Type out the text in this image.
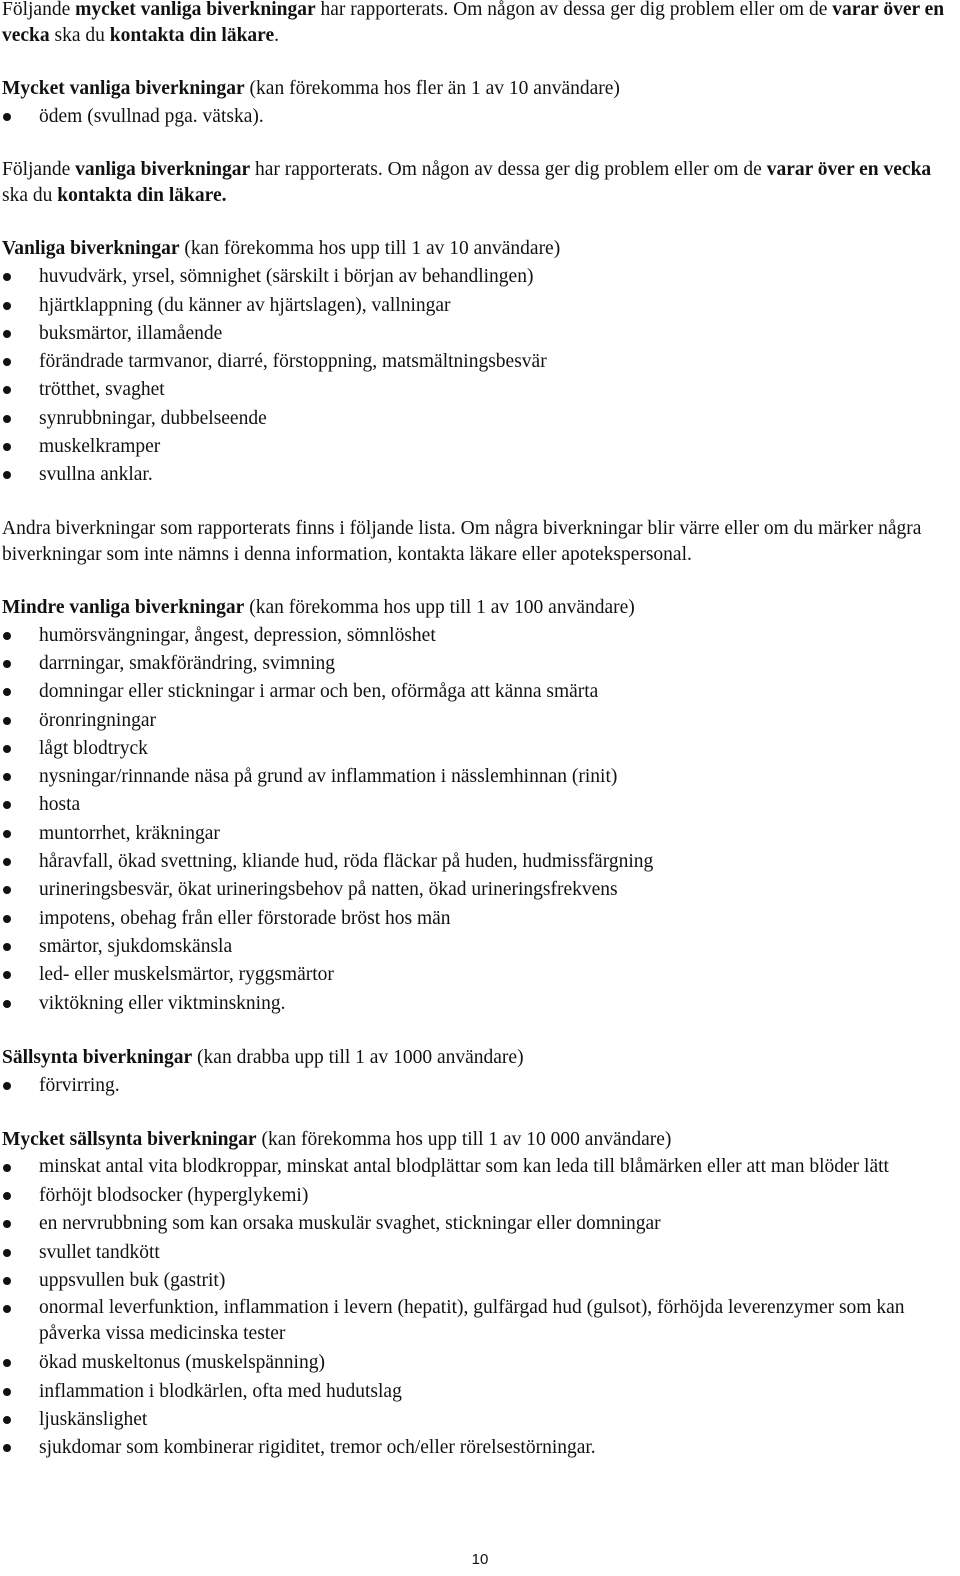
Följande mycket vanliga biverkningar har rapporterats. Om någon av dessa ger dig problem eller om de varar över en vecka ska du kontakta din läkare.

Mycket vanliga biverkningar (kan förekomma hos fler än 1 av 10 användare)

ödem (svullnad pga. vätska).

Följande vanliga biverkningar har rapporterats. Om någon av dessa ger dig problem eller om de varar över en vecka ska du kontakta din läkare.

Vanliga biverkningar (kan förekomma hos upp till 1 av 10 användare)

huvudvärk, yrsel, sömnighet (särskilt i början av behandlingen)
hjärtklappning (du känner av hjärtslagen), vallningar
buksmärtor, illamående
förändrade tarmvanor, diarré, förstoppning, matsmältningsbesvär
trötthet, svaghet
synrubbningar, dubbelseende
muskelkramper
svullna anklar.

Andra biverkningar som rapporterats finns i följande lista. Om några biverkningar blir värre eller om du märker några biverkningar som inte nämns i denna information, kontakta läkare eller apotekspersonal.

Mindre vanliga biverkningar (kan förekomma hos upp till 1 av 100 användare)

humörsvängningar, ångest, depression, sömnlöshet
darrningar, smakförändring, svimning
domningar eller stickningar i armar och ben, oförmåga att känna smärta
öronringningar
lågt blodtryck
nysningar/rinnande näsa på grund av inflammation i nässlemhinnan (rinit)
hosta
muntorrhet, kräkningar
håravfall, ökad svettning, kliande hud, röda fläckar på huden, hudmissfärgning
urineringsbesvär, ökat urineringsbehov på natten, ökad urineringsfrekvens
impotens, obehag från eller förstorade bröst hos män
smärtor, sjukdomskänsla
led- eller muskelsmärtor, ryggsmärtor
viktökning eller viktminskning.

Sällsynta biverkningar (kan drabba upp till 1 av 1000 användare)

förvirring.

Mycket sällsynta biverkningar (kan förekomma hos upp till 1 av 10 000 användare)

minskat antal vita blodkroppar, minskat antal blodplättar som kan leda till blåmärken eller att man blöder lätt
förhöjt blodsocker (hyperglykemi)
en nervrubbning som kan orsaka muskulär svaghet, stickningar eller domningar
svullet tandkött
uppsvullen buk (gastrit)
onormal leverfunktion, inflammation i levern (hepatit), gulfärgad hud (gulsot), förhöjda leverenzymer som kan påverka vissa medicinska tester
ökad muskeltonus (muskelspänning)
inflammation i blodkärlen, ofta med hudutslag
ljuskänslighet
sjukdomar som kombinerar rigiditet, tremor och/eller rörelsestörningar.
10
